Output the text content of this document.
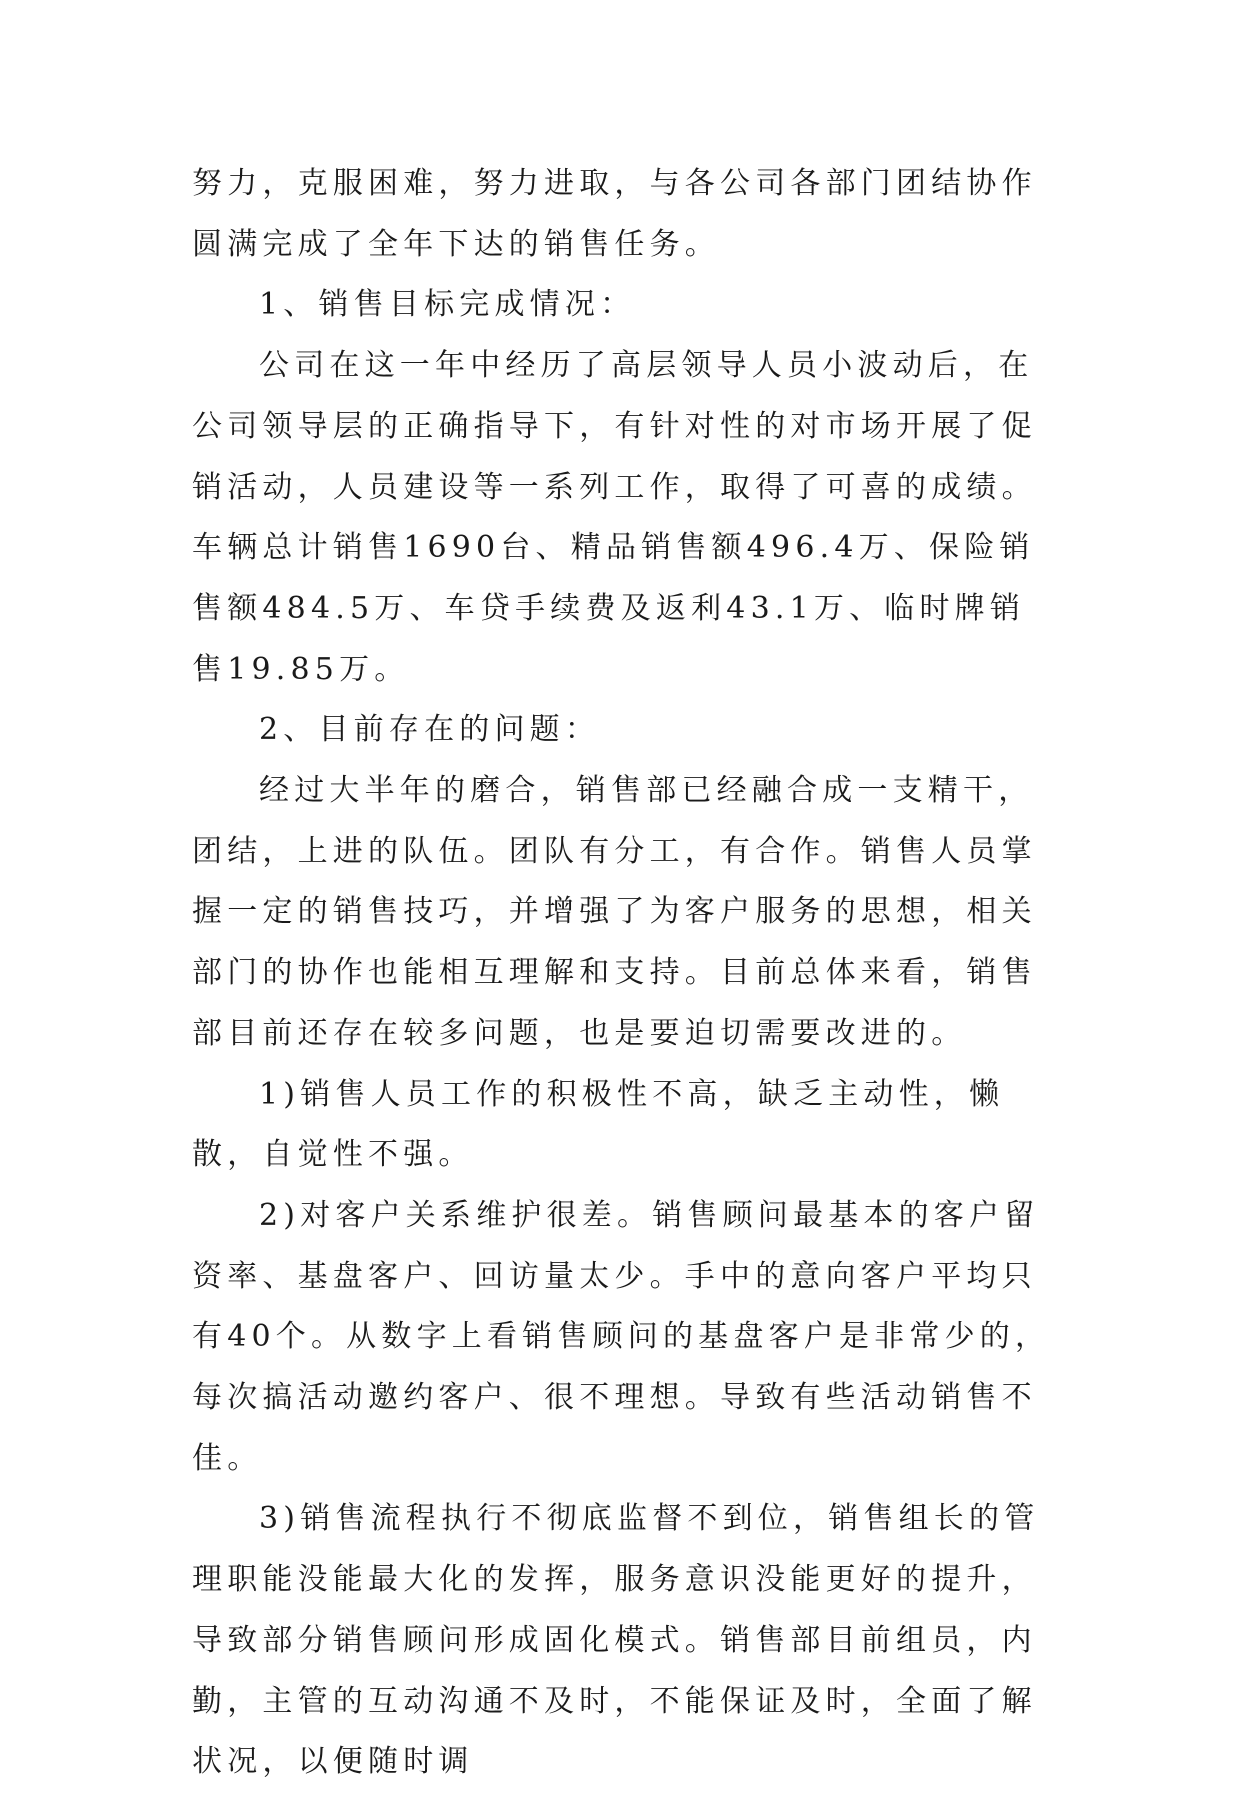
努力，克服困难，努力进取，与各公司各部门团结协作圆满完成了全年下达的销售任务。

1、销售目标完成情况：

公司在这一年中经历了高层领导人员小波动后，在公司领导层的正确指导下，有针对性的对市场开展了促销活动，人员建设等一系列工作，取得了可喜的成绩。车辆总计销售1690台、精品销售额496.4万、保险销售额484.5万、车贷手续费及返利43.1万、临时牌销售19.85万。

2、目前存在的问题：

经过大半年的磨合，销售部已经融合成一支精干，团结，上进的队伍。团队有分工，有合作。销售人员掌握一定的销售技巧，并增强了为客户服务的思想，相关部门的协作也能相互理解和支持。目前总体来看，销售部目前还存在较多问题，也是要迫切需要改进的。

1)销售人员工作的积极性不高，缺乏主动性，懒散，自觉性不强。

2)对客户关系维护很差。销售顾问最基本的客户留资率、基盘客户、回访量太少。手中的意向客户平均只有40个。从数字上看销售顾问的基盘客户是非常少的，每次搞活动邀约客户、很不理想。导致有些活动销售不佳。

3)销售流程执行不彻底监督不到位，销售组长的管理职能没能最大化的发挥，服务意识没能更好的提升，导致部分销售顾问形成固化模式。销售部目前组员，内勤，主管的互动沟通不及时，不能保证及时，全面了解状况，以便随时调
